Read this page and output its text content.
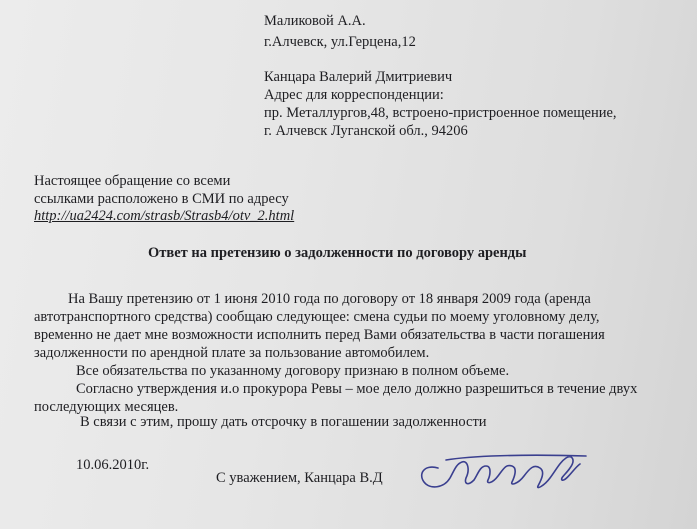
Маликовой А.А.
г.Алчевск, ул.Герцена,12
Канцара Валерий Дмитриевич
Адрес для корреспонденции:
пр. Металлургов,48, встроено-пристроенное помещение,
г. Алчевск Луганской обл., 94206
Настоящее обращение со всеми
ссылками расположено в СМИ по адресу
http://ua2424.com/strasb/Strasb4/otv_2.html
Ответ на претензию о задолженности по договору аренды
На Вашу претензию от 1 июня 2010 года по договору от 18 января 2009 года (аренда
автотранспортного средства) сообщаю следующее: смена судьи по моему уголовному делу,
временно не дает мне возможности исполнить перед Вами обязательства в части погашения
задолженности по арендной плате за пользование автомобилем.
Все обязательства по указанному договору признаю в полном объеме.
Согласно утверждения и.о прокурора Ревы – мое дело должно разрешиться в течение двух
последующих месяцев.
В связи с этим, прошу дать отсрочку в погашении задолженности
10.06.2010г.
С уважением, Канцара В.Д
